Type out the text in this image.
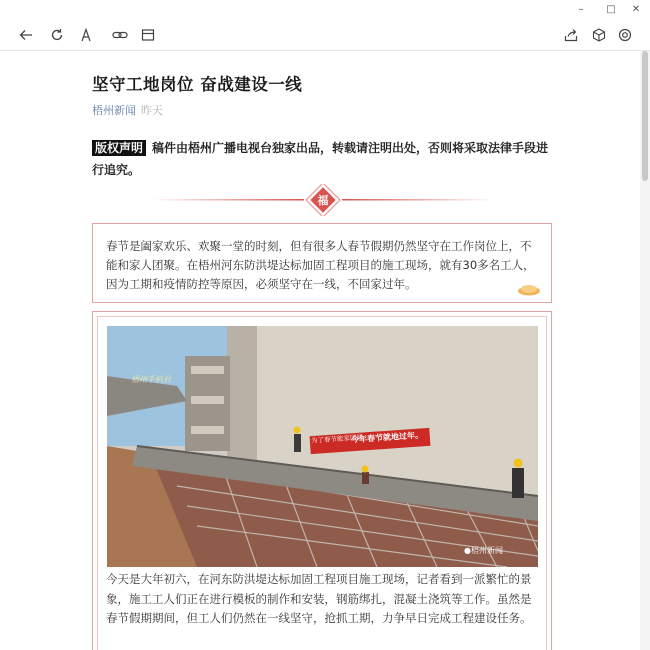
–	□	✕
坚守工地岗位 奋战建设一线
梧州新闻 昨天
版权声明 稿件由梧州广播电视台独家出品，转载请注明出处，否则将采取法律手段进行追究。
福
春节是阖家欢乐、欢聚一堂的时刻，但有很多人春节假期仍然坚守在工作岗位上，不能和家人团聚。在梧州河东防洪堤达标加固工程项目的施工现场，就有30多名工人，因为工期和疫情防控等原因，必须坚守在一线，不回家过年。
梧州手机台
为了春节能家团圆
今年春节就地过年。
●梧州新闻
今天是大年初六，在河东防洪堤达标加固工程项目施工现场，记者看到一派繁忙的景象，施工工人们正在进行模板的制作和安装，钢筋绑扎，混凝土浇筑等工作。虽然是春节假期期间，但工人们仍然在一线坚守，抢抓工期，力争早日完成工程建设任务。
